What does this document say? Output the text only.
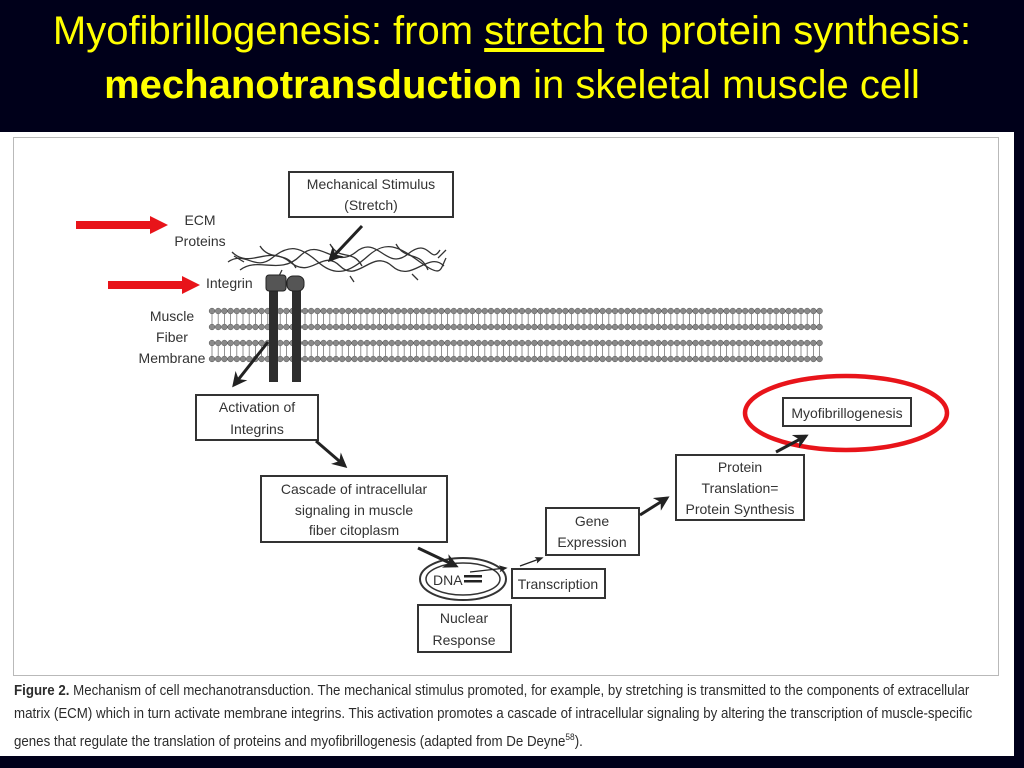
Myofibrillogenesis: from stretch to protein synthesis:
mechanotransduction in skeletal muscle cell
Mechanical Stimulus
(Stretch)
ECM
Proteins
Integrin
Muscle
Fiber
Membrane
Activation of
Integrins
Cascade of intracellular
signaling in muscle
fiber citoplasm
DNA
Nuclear
Response
Transcription
Gene
Expression
Protein
Translation=
Protein Synthesis
Myofibrillogenesis
Figure 2. Mechanism of cell mechanotransduction. The mechanical stimulus promoted, for example, by stretching is transmitted to the components of extracellular matrix (ECM) which in turn activate membrane integrins. This activation promotes a cascade of intracellular signaling by altering the transcription of muscle-specific genes that regulate the translation of proteins and myofibrillogenesis (adapted from De Deyne$^{58}$).
